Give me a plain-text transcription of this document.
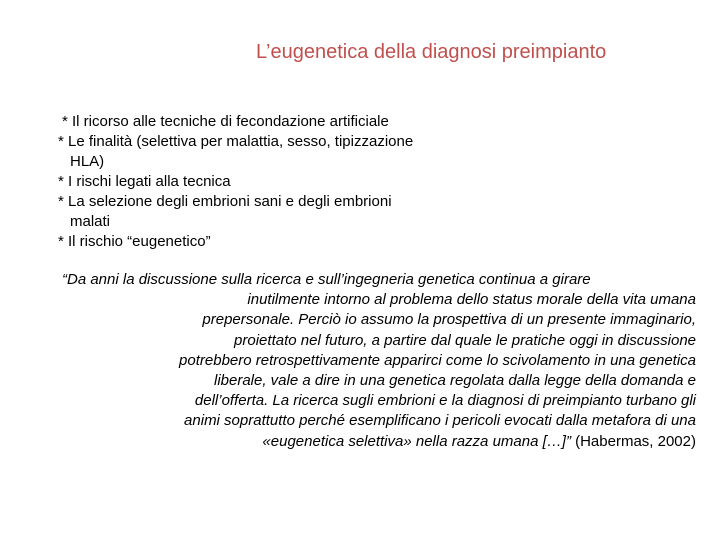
L’eugenetica della diagnosi preimpianto
* Il ricorso alle tecniche di fecondazione artificiale
* Le finalità (selettiva per malattia, sesso, tipizzazione
HLA)
* I rischi legati alla tecnica
* La selezione degli embrioni sani e degli embrioni
malati
* Il rischio “eugenetico”
“Da anni la discussione sulla ricerca e sull’ingegneria genetica continua a girare
inutilmente intorno al problema dello status morale della vita umana
prepersonale. Perciò io assumo la prospettiva di un presente immaginario,
proiettato nel futuro, a partire dal quale le pratiche oggi in discussione
potrebbero retrospettivamente apparirci come lo scivolamento in una genetica
liberale, vale a dire in una genetica regolata dalla legge della domanda e
dell’offerta. La ricerca sugli embrioni e la diagnosi di preimpianto turbano gli
animi soprattutto perché esemplificano i pericoli evocati dalla metafora di una
«eugenetica selettiva» nella razza umana […]” (Habermas, 2002)
